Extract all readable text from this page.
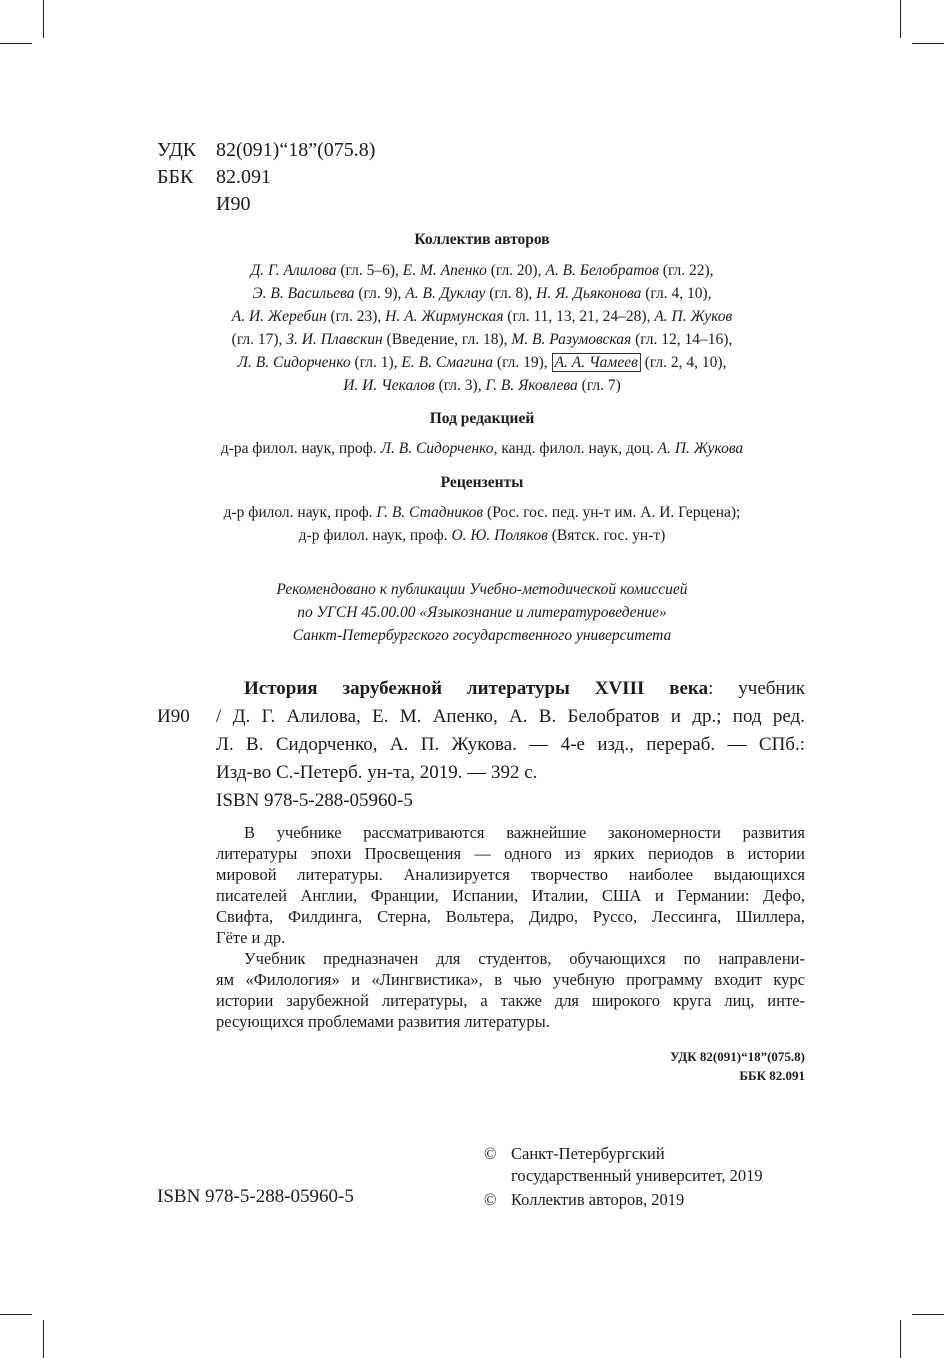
УДК 82(091)“18”(075.8)
ББК	82.091
И90
Коллектив авторов
Д. Г. Алилова (гл. 5–6), Е. М. Апенко (гл. 20), А. В. Белобратов (гл. 22),
Э. В. Васильева (гл. 9), А. В. Дуклау (гл. 8), Н. Я. Дьяконова (гл. 4, 10),
А. И. Жеребин (гл. 23), Н. А. Жирмунская (гл. 11, 13, 21, 24–28), А. П. Жуков
(гл. 17), З. И. Плавскин (Введение, гл. 18), М. В. Разумовская (гл. 12, 14–16),
Л. В. Сидорченко (гл. 1), Е. В. Смагина (гл. 19), А. А. Чамеев (гл. 2, 4, 10),
И. И. Чекалов (гл. 3), Г. В. Яковлева (гл. 7)
Под редакцией
д-ра филол. наук, проф. Л. В. Сидорченко, канд. филол. наук, доц. А. П. Жукова
Рецензенты
д-р филол. наук, проф. Г. В. Стадников (Рос. гос. пед. ун-т им. А. И. Герцена);
д-р филол. наук, проф. О. Ю. Поляков (Вятск. гос. ун-т)
Рекомендовано к публикации Учебно-методической комиссией
по УГСН 45.00.00 «Языкознание и литературоведение»
Санкт-Петербургского государственного университета
И90
История зарубежной литературы XVIII века: учебник
/ Д. Г. Алилова, Е. М. Апенко, А. В. Белобратов и др.; под ред.
Л. В. Сидорченко, А. П. Жукова. — 4-е изд., перераб. — СПб.:
Изд-во С.-Петерб. ун-та, 2019. — 392 с.
ISBN 978-5-288-05960-5
В учебнике рассматриваются важнейшие закономерности развития
литературы эпохи Просвещения — одного из ярких периодов в истории
мировой литературы. Анализируется творчество наиболее выдающихся
писателей Англии, Франции, Испании, Италии, США и Германии: Дефо,
Свифта, Филдинга, Стерна, Вольтера, Дидро, Руссо, Лессинга, Шиллера,
Гёте и др.
Учебник предназначен для студентов, обучающихся по направлени-
ям «Филология» и «Лингвистика», в чью учебную программу входит курс
истории зарубежной литературы, а также для широкого круга лиц, инте-
ресующихся проблемами развития литературы.
УДК 82(091)“18”(075.8)
ББК 82.091
ISBN 978-5-288-05960-5
© Санкт-Петербургский
государственный университет, 2019
© Коллектив авторов, 2019
